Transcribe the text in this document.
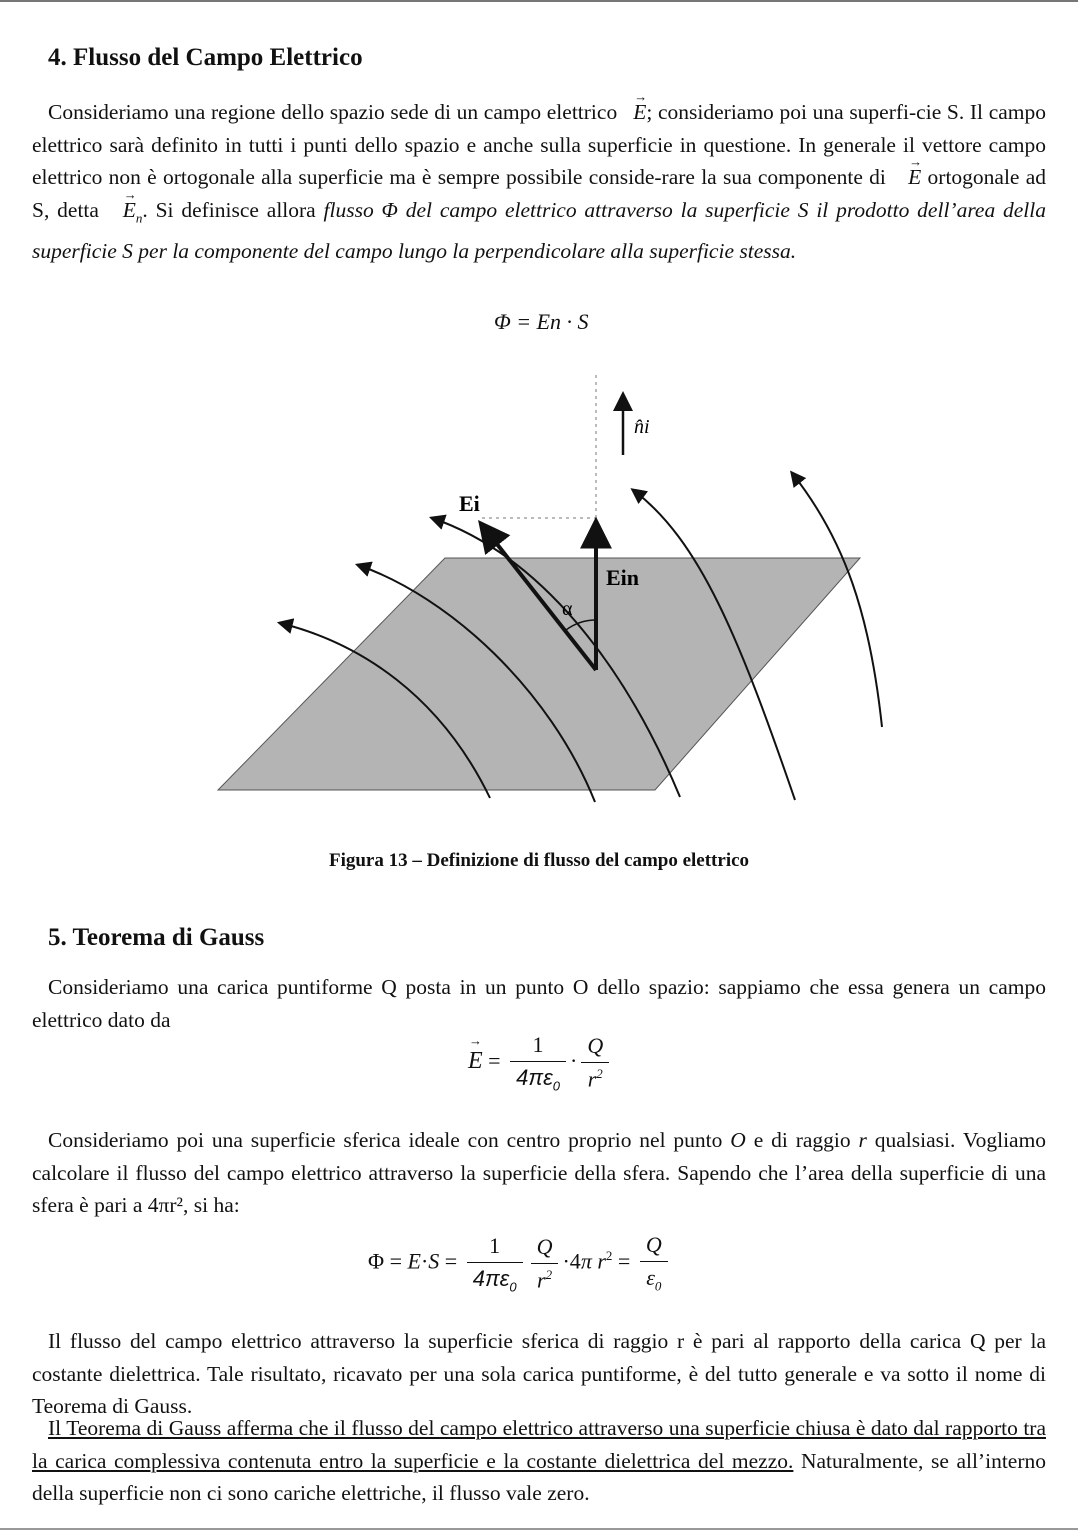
4. Flusso del Campo Elettrico

Consideriamo una regione dello spazio sede di un campo elettrico → E; consideriamo poi una superfi-cie S. Il campo elettrico sarà definito in tutti i punti dello spazio e anche sulla superficie in questione. In generale il vettore campo elettrico non è ortogonale alla superficie ma è sempre possibile conside-rare la sua componente di → E ortogonale ad S, detta → $E_n$. Si definisce allora flusso Φ del campo elettrico attraverso la superficie S il prodotto dell’area della superficie S per la componente del campo lungo la perpendicolare alla superficie stessa.

Φ = En · S
n̂i
Ei
Ein
α
Figura 13 – Definizione di flusso del campo elettrico
5. Teorema di Gauss

Consideriamo una carica puntiforme Q posta in un punto O dello spazio: sappiamo che essa genera un campo elettrico dato da

→ $E = \frac{1}{4\pi\varepsilon_0} \cdot \frac{Q}{r^2}$

Consideriamo poi una superficie sferica ideale con centro proprio nel punto O e di raggio r qualsiasi. Vogliamo calcolare il flusso del campo elettrico attraverso la superficie della sfera. Sapendo che l’area della superficie di una sfera è pari a 4πr², si ha:

$\Phi = E\cdot S = \frac{1}{4\pi\varepsilon_0} \frac{Q}{r^2} \cdot 4\pi$ $r^2 = \frac{Q}{\varepsilon_0}$

Il flusso del campo elettrico attraverso la superficie sferica di raggio r è pari al rapporto della carica Q per la costante dielettrica. Tale risultato, ricavato per una sola carica puntiforme, è del tutto generale e va sotto il nome di Teorema di Gauss.

Il Teorema di Gauss afferma che il flusso del campo elettrico attraverso una superficie chiusa è dato dal rapporto tra la carica complessiva contenuta entro la superficie e la costante dielettrica del mezzo. Naturalmente, se all’interno della superficie non ci sono cariche elettriche, il flusso vale zero.
